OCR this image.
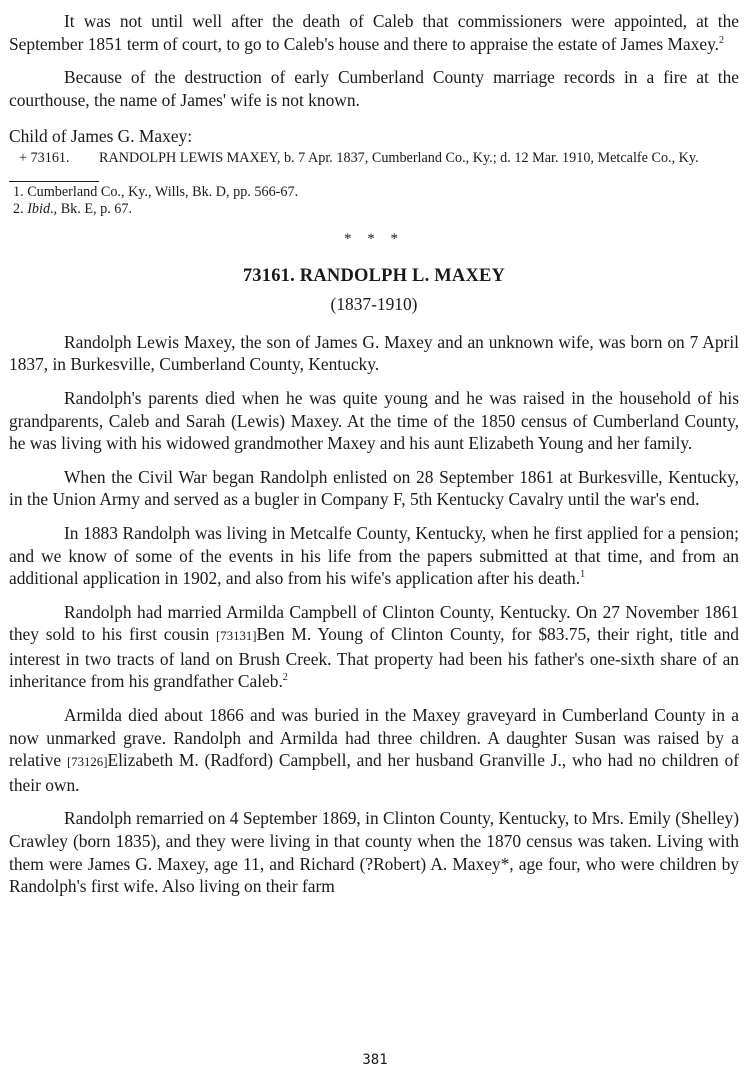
It was not until well after the death of Caleb that commissioners were appointed, at the September 1851 term of court, to go to Caleb's house and there to appraise the estate of James Maxey.$^2$

Because of the destruction of early Cumberland County marriage records in a fire at the courthouse, the name of James' wife is not known.

Child of James G. Maxey:

+ 73161. RANDOLPH LEWIS MAXEY, b. 7 Apr. 1837, Cumberland Co., Ky.; d. 12 Mar. 1910, Metcalfe Co., Ky.

1. Cumberland Co., Ky., Wills, Bk. D, pp. 566-67.

2. Ibid., Bk. E, p. 67.

* * *
73161. RANDOLPH L. MAXEY
(1837-1910)

Randolph Lewis Maxey, the son of James G. Maxey and an unknown wife, was born on 7 April 1837, in Burkesville, Cumberland County, Kentucky.

Randolph's parents died when he was quite young and he was raised in the household of his grandparents, Caleb and Sarah (Lewis) Maxey. At the time of the 1850 census of Cumberland County, he was living with his widowed grandmother Maxey and his aunt Elizabeth Young and her family.

When the Civil War began Randolph enlisted on 28 September 1861 at Burkesville, Kentucky, in the Union Army and served as a bugler in Company F, 5th Kentucky Cavalry until the war's end.

In 1883 Randolph was living in Metcalfe County, Kentucky, when he first applied for a pension; and we know of some of the events in his life from the papers submitted at that time, and from an additional application in 1902, and also from his wife's application after his death.$^1$

Randolph had married Armilda Campbell of Clinton County, Kentucky. On 27 November 1861 they sold to his first cousin [73131]Ben M. Young of Clinton County, for $83.75, their right, title and interest in two tracts of land on Brush Creek. That property had been his father's one-sixth share of an inheritance from his grandfather Caleb.$^2$

Armilda died about 1866 and was buried in the Maxey graveyard in Cumberland County in a now unmarked grave. Randolph and Armilda had three children. A daughter Susan was raised by a relative [73126]Elizabeth M. (Radford) Campbell, and her husband Granville J., who had no children of their own.

Randolph remarried on 4 September 1869, in Clinton County, Kentucky, to Mrs. Emily (Shelley) Crawley (born 1835), and they were living in that county when the 1870 census was taken. Living with them were James G. Maxey, age 11, and Richard (?Robert) A. Maxey*, age four, who were children by Randolph's first wife. Also living on their farm

381
